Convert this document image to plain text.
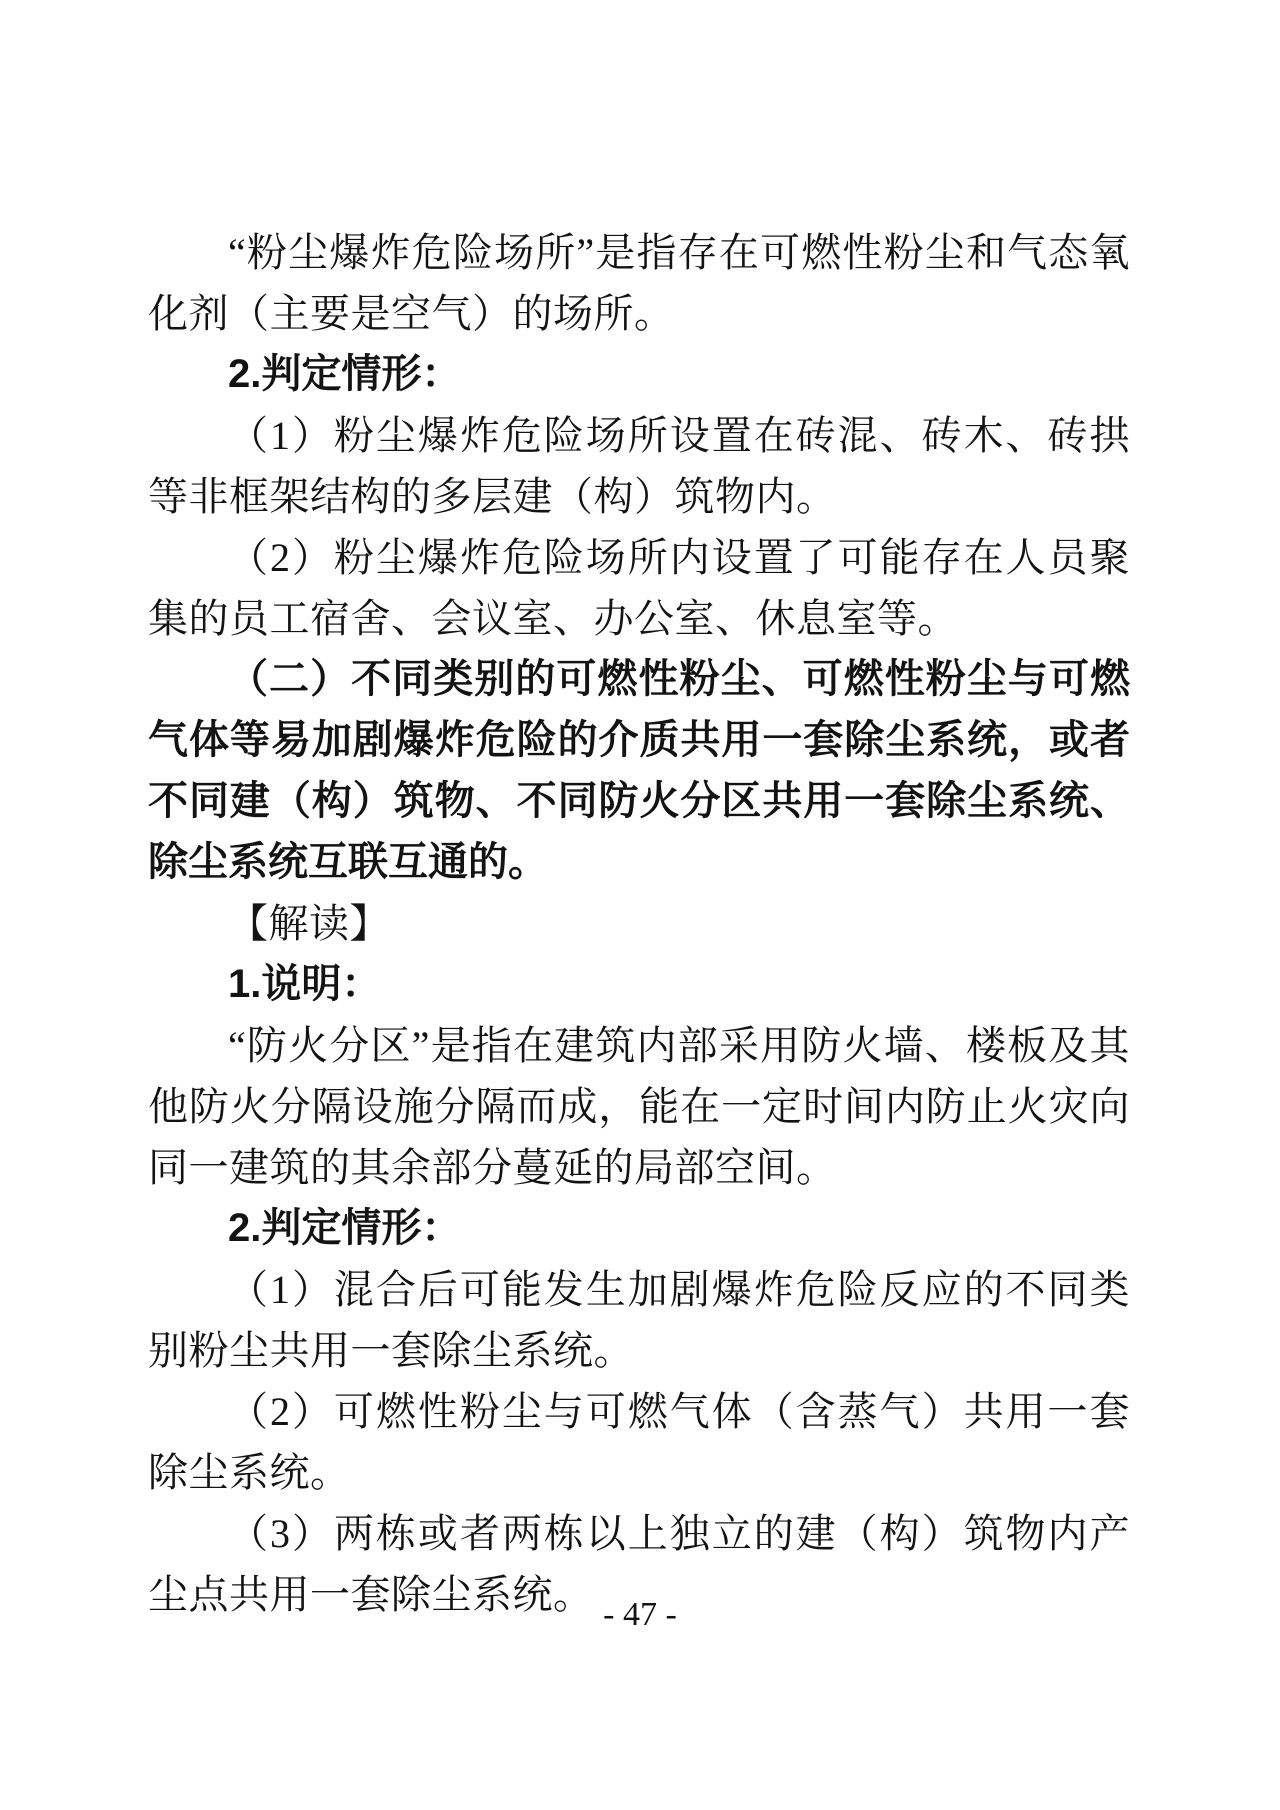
“粉尘爆炸危险场所”是指存在可燃性粉尘和气态氧化剂（主要是空气）的场所。

2.判定情形：

（1）粉尘爆炸危险场所设置在砖混、砖木、砖拱等非框架结构的多层建（构）筑物内。

（2）粉尘爆炸危险场所内设置了可能存在人员聚集的员工宿舍、会议室、办公室、休息室等。

（二）不同类别的可燃性粉尘、可燃性粉尘与可燃气体等易加剧爆炸危险的介质共用一套除尘系统，或者不同建（构）筑物、不同防火分区共用一套除尘系统、除尘系统互联互通的。

【解读】

1.说明：

“防火分区”是指在建筑内部采用防火墙、楼板及其他防火分隔设施分隔而成，能在一定时间内防止火灾向同一建筑的其余部分蔓延的局部空间。

2.判定情形：

（1）混合后可能发生加剧爆炸危险反应的不同类别粉尘共用一套除尘系统。

（2）可燃性粉尘与可燃气体（含蒸气）共用一套除尘系统。

（3）两栋或者两栋以上独立的建（构）筑物内产尘点共用一套除尘系统。 - 47 -
